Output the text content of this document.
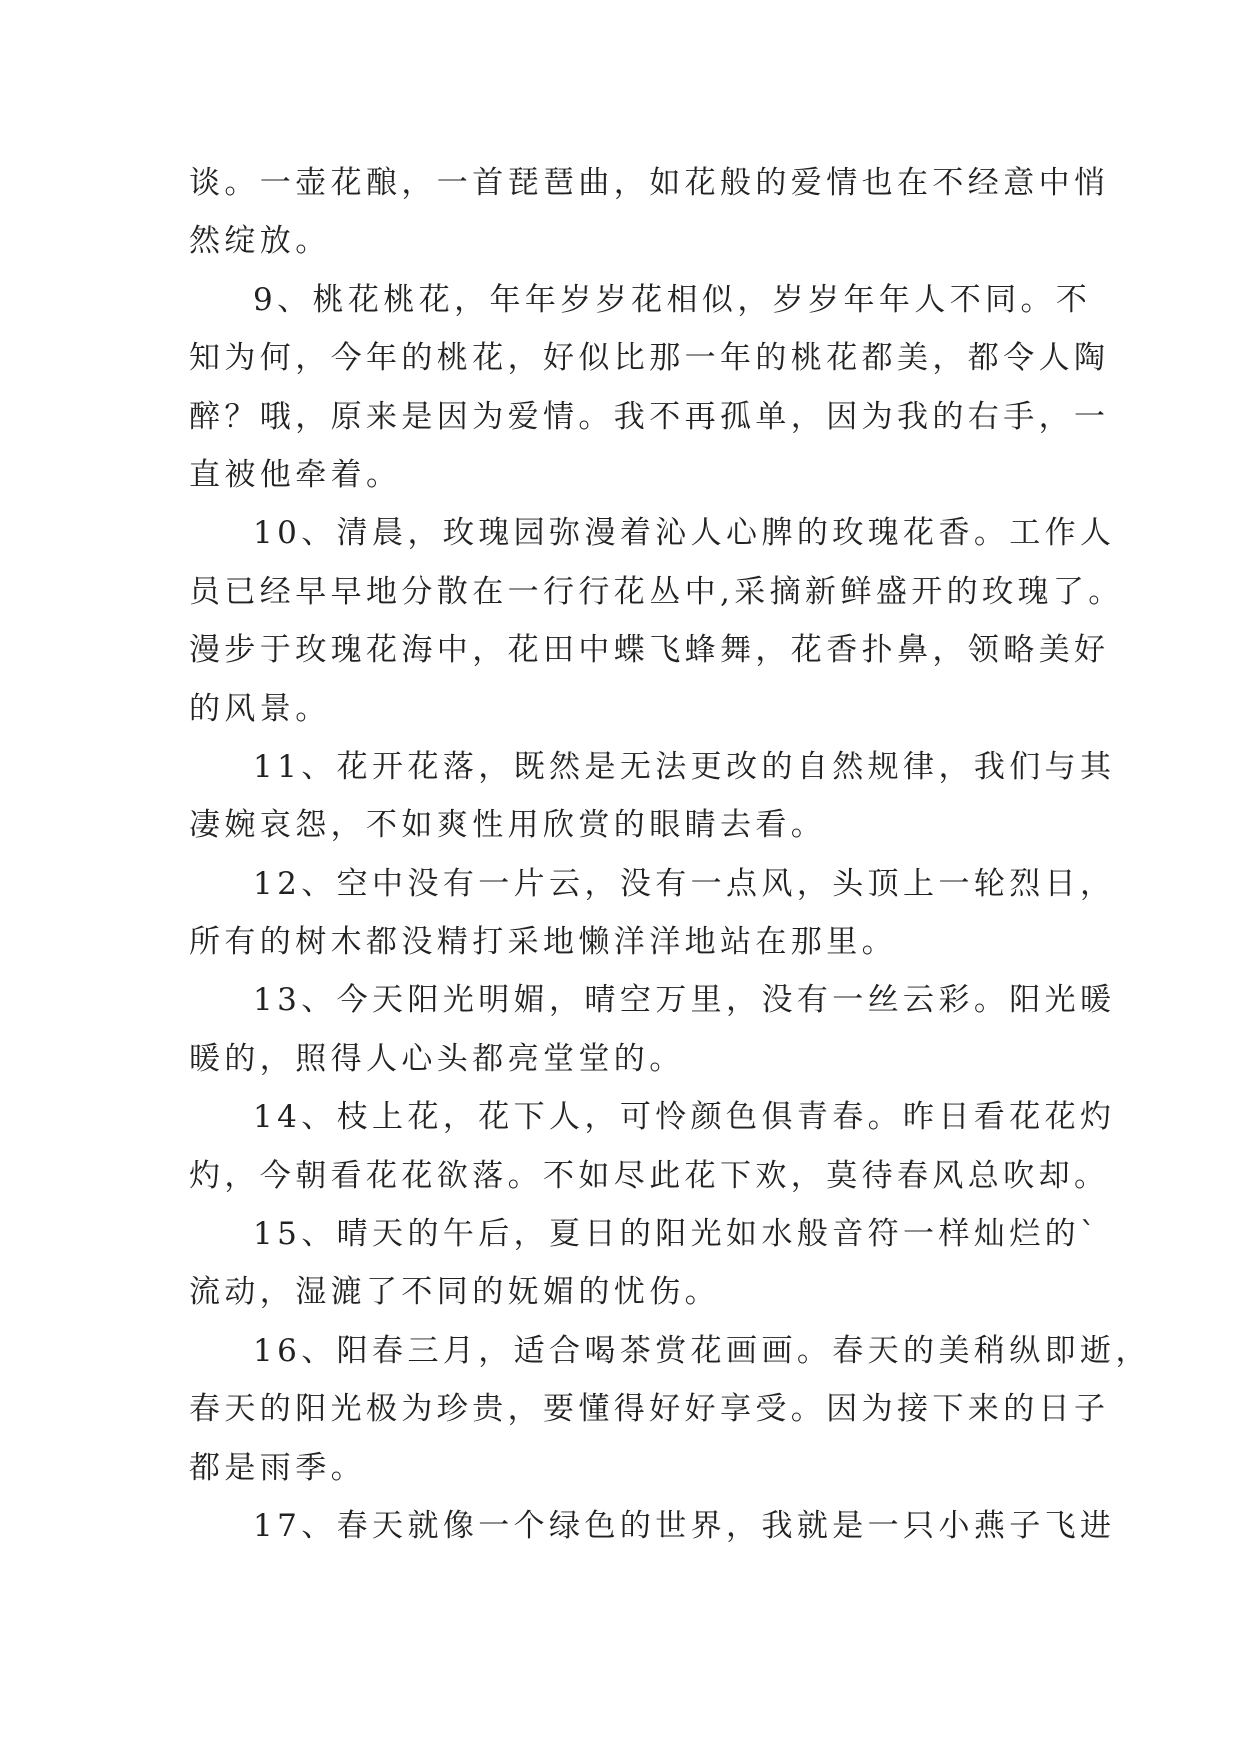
谈。一壶花酿，一首琵琶曲，如花般的爱情也在不经意中悄
然绽放。
9、桃花桃花，年年岁岁花相似，岁岁年年人不同。不
知为何，今年的桃花，好似比那一年的桃花都美，都令人陶
醉？哦，原来是因为爱情。我不再孤单，因为我的右手，一
直被他牵着。
10、清晨，玫瑰园弥漫着沁人心脾的玫瑰花香。工作人
员已经早早地分散在一行行花丛中,采摘新鲜盛开的玫瑰了。
漫步于玫瑰花海中，花田中蝶飞蜂舞，花香扑鼻，领略美好
的风景。
11、花开花落，既然是无法更改的自然规律，我们与其
凄婉哀怨，不如爽性用欣赏的眼睛去看。
12、空中没有一片云，没有一点风，头顶上一轮烈日，
所有的树木都没精打采地懒洋洋地站在那里。
13、今天阳光明媚，晴空万里，没有一丝云彩。阳光暖
暖的，照得人心头都亮堂堂的。
14、枝上花，花下人，可怜颜色俱青春。昨日看花花灼
灼，今朝看花花欲落。不如尽此花下欢，莫待春风总吹却。
15、晴天的午后，夏日的阳光如水般音符一样灿烂的`
流动，湿漉了不同的妩媚的忧伤。
16、阳春三月，适合喝茶赏花画画。春天的美稍纵即逝，
春天的阳光极为珍贵，要懂得好好享受。因为接下来的日子
都是雨季。
17、春天就像一个绿色的世界，我就是一只小燕子飞进
